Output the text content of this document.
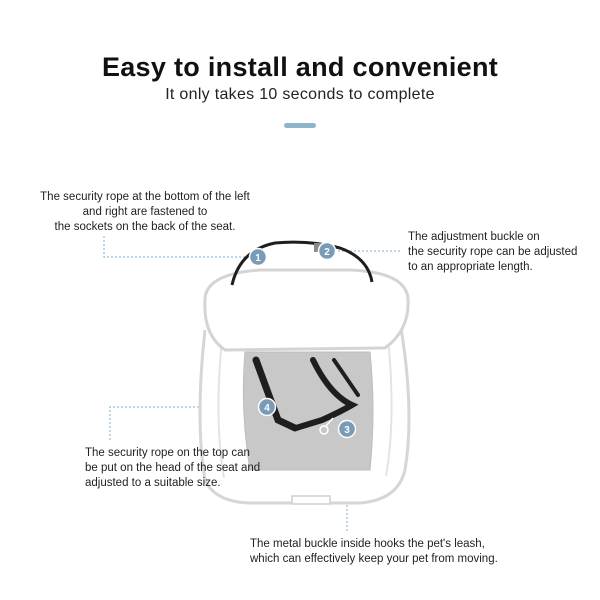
Easy to install and convenient
It only takes 10 seconds to complete
1
2
4
3
The security rope at the bottom of the left
and right are fastened to
the sockets on the back of the seat.
The adjustment buckle on
the security rope can be adjusted
to an appropriate length.
The security rope on the top can
be put on the head of the seat and
adjusted to a suitable size.
The metal buckle inside hooks the pet's leash,
which can effectively keep your pet from moving.
